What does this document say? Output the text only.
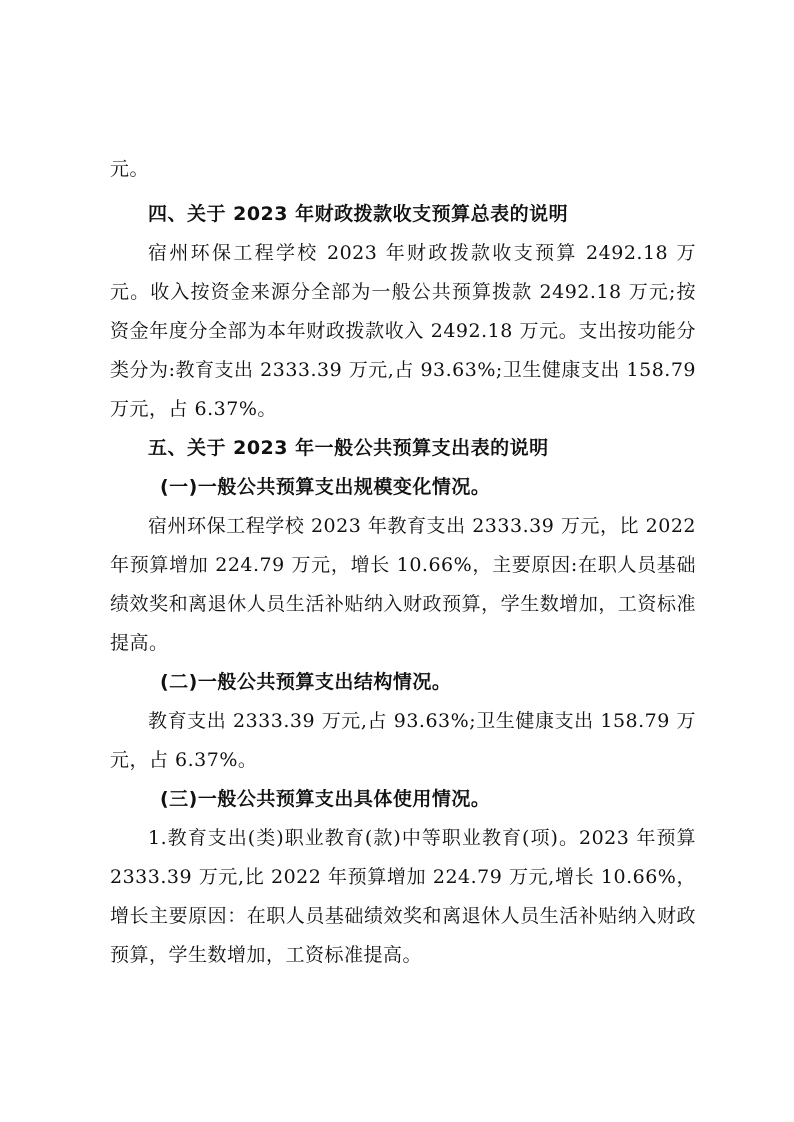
元。

四、关于 2023 年财政拨款收支预算总表的说明

宿州环保工程学校 2023 年财政拨款收支预算 2492.18 万元。收入按资金来源分全部为一般公共预算拨款 2492.18 万元;按资金年度分全部为本年财政拨款收入 2492.18 万元。支出按功能分类分为:教育支出 2333.39 万元,占 93.63%;卫生健康支出 158.79 万元，占 6.37%。

五、关于 2023 年一般公共预算支出表的说明

(一)一般公共预算支出规模变化情况。

宿州环保工程学校 2023 年教育支出 2333.39 万元，比 2022 年预算增加 224.79 万元，增长 10.66%，主要原因:在职人员基础绩效奖和离退休人员生活补贴纳入财政预算，学生数增加，工资标准提高。

(二)一般公共预算支出结构情况。

教育支出 2333.39 万元,占 93.63%;卫生健康支出 158.79 万元，占 6.37%。

(三)一般公共预算支出具体使用情况。

1.教育支出(类)职业教育(款)中等职业教育(项)。2023 年预算 2333.39 万元,比 2022 年预算增加 224.79 万元,增长 10.66%，增长主要原因：在职人员基础绩效奖和离退休人员生活补贴纳入财政预算，学生数增加，工资标准提高。
